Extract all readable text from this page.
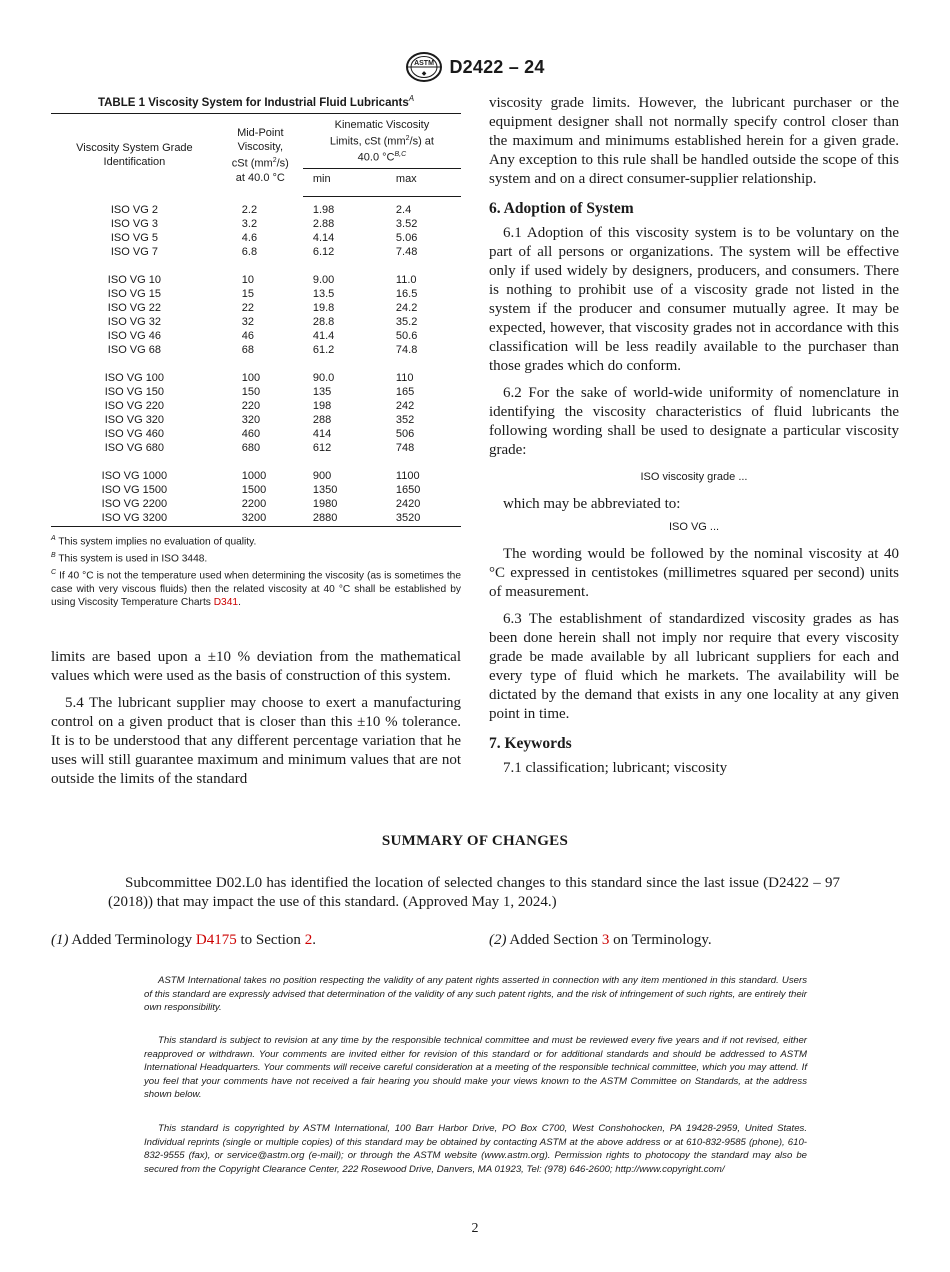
ASTM
◆ D2422 – 24
TABLE 1 Viscosity System for Industrial Fluid Lubricants$^A$
Viscosity System Grade
Identification	Mid-Point
Viscosity,
cSt $(mm^2/s)$
at 40.0 °C	Kinematic Viscosity
Limits, cSt $(mm^2/s)$ at
40.0 $^\circ C^{B,C}$
		min	max

ISO VG 2	2.2	1.98	2.4
ISO VG 3	3.2	2.88	3.52
ISO VG 5	4.6	4.14	5.06
ISO VG 7	6.8	6.12	7.48

ISO VG 10	10	9.00	11.0
ISO VG 15	15	13.5	16.5
ISO VG 22	22	19.8	24.2
ISO VG 32	32	28.8	35.2
ISO VG 46	46	41.4	50.6
ISO VG 68	68	61.2	74.8

ISO VG 100	100	90.0	110
ISO VG 150	150	135	165
ISO VG 220	220	198	242
ISO VG 320	320	288	352
ISO VG 460	460	414	506
ISO VG 680	680	612	748

ISO VG 1000	1000	900	1100
ISO VG 1500	1500	1350	1650
ISO VG 2200	2200	1980	2420
ISO VG 3200	3200	2880	3520

$^A$ This system implies no evaluation of quality.

$^B$ This system is used in ISO 3448.

$^C$ If 40 °C is not the temperature used when determining the viscosity (as is sometimes the case with very viscous fluids) then the related viscosity at 40 °C shall be established by using Viscosity Temperature Charts D341.

limits are based upon a ±10 % deviation from the mathematical values which were used as the basis of construction of this system.

5.4 The lubricant supplier may choose to exert a manufacturing control on a given product that is closer than this ±10 % tolerance. It is to be understood that any different percentage variation that he uses will still guarantee maximum and minimum values that are not outside the limits of the standard

viscosity grade limits. However, the lubricant purchaser or the equipment designer shall not normally specify control closer than the maximum and minimums established herein for a given grade. Any exception to this rule shall be handled outside the scope of this system and on a direct consumer-supplier relationship.

6. Adoption of System

6.1 Adoption of this viscosity system is to be voluntary on the part of all persons or organizations. The system will be effective only if used widely by designers, producers, and consumers. There is nothing to prohibit use of a viscosity grade not listed in the system if the producer and consumer mutually agree. It may be expected, however, that viscosity grades not in accordance with this classification will be less readily available to the purchaser than those grades which do conform.

6.2 For the sake of world-wide uniformity of nomenclature in identifying the viscosity characteristics of fluid lubricants the following wording shall be used to designate a particular viscosity grade:

ISO viscosity grade ...

which may be abbreviated to:

ISO VG ...

The wording would be followed by the nominal viscosity at 40 °C expressed in centistokes (millimetres squared per second) units of measurement.

6.3 The establishment of standardized viscosity grades as has been done herein shall not imply nor require that every viscosity grade be made available by all lubricant suppliers for each and every type of fluid which he markets. The availability will be dictated by the demand that exists in any one locality at any given point in time.

7. Keywords

7.1 classification; lubricant; viscosity

SUMMARY OF CHANGES
Subcommittee D02.L0 has identified the location of selected changes to this standard since the last issue (D2422 – 97 (2018)) that may impact the use of this standard. (Approved May 1, 2024.)
(1) Added Terminology D4175 to Section 2.	(2) Added Section 3 on Terminology.
ASTM International takes no position respecting the validity of any patent rights asserted in connection with any item mentioned in this standard. Users of this standard are expressly advised that determination of the validity of any such patent rights, and the risk of infringement of such rights, are entirely their own responsibility.
This standard is subject to revision at any time by the responsible technical committee and must be reviewed every five years and if not revised, either reapproved or withdrawn. Your comments are invited either for revision of this standard or for additional standards and should be addressed to ASTM International Headquarters. Your comments will receive careful consideration at a meeting of the responsible technical committee, which you may attend. If you feel that your comments have not received a fair hearing you should make your views known to the ASTM Committee on Standards, at the address shown below.
This standard is copyrighted by ASTM International, 100 Barr Harbor Drive, PO Box C700, West Conshohocken, PA 19428-2959, United States. Individual reprints (single or multiple copies) of this standard may be obtained by contacting ASTM at the above address or at 610-832-9585 (phone), 610-832-9555 (fax), or service@astm.org (e-mail); or through the ASTM website (www.astm.org). Permission rights to photocopy the standard may also be secured from the Copyright Clearance Center, 222 Rosewood Drive, Danvers, MA 01923, Tel: (978) 646-2600; http://www.copyright.com/
2
